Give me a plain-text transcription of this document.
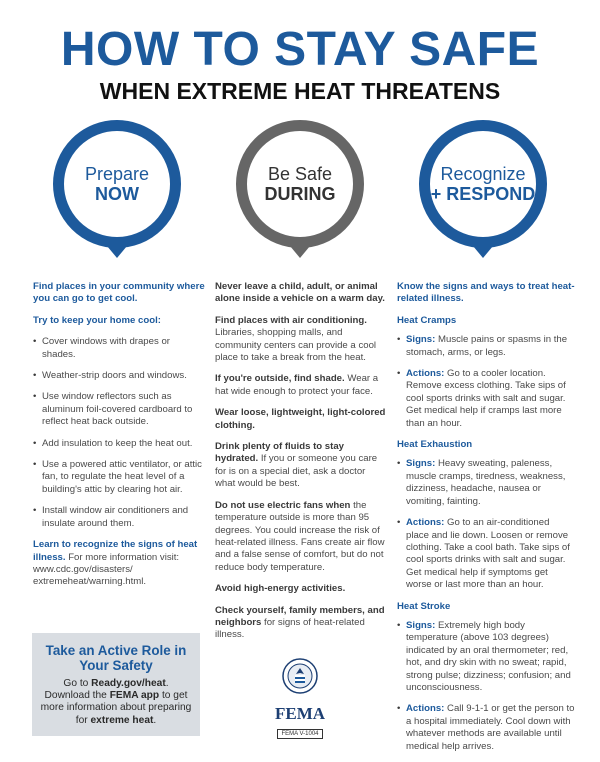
HOW TO STAY SAFE
WHEN EXTREME HEAT THREATENS
Prepare
NOW
Be Safe
DURING
Recognize
+ RESPOND

Find places in your community where you can go to get cool.

Try to keep your home cool:

• Cover windows with drapes or shades.
• Weather-strip doors and windows.
• Use window reflectors such as aluminum foil-covered cardboard to reflect heat back outside.
• Add insulation to keep the heat out.
• Use a powered attic ventilator, or attic fan, to regulate the heat level of a building's attic by clearing hot air.
• Install window air conditioners and insulate around them.

Learn to recognize the signs of heat illness. For more information visit: www.cdc.gov/disasters/ extremeheat/warning.html.

Never leave a child, adult, or animal alone inside a vehicle on a warm day.

Find places with air conditioning. Libraries, shopping malls, and community centers can provide a cool place to take a break from the heat.

If you're outside, find shade. Wear a hat wide enough to protect your face.

Wear loose, lightweight, light-colored clothing.

Drink plenty of fluids to stay hydrated. If you or someone you care for is on a special diet, ask a doctor what would be best.

Do not use electric fans when the temperature outside is more than 95 degrees. You could increase the risk of heat-related illness. Fans create air flow and a false sense of comfort, but do not reduce body temperature.

Avoid high-energy activities.

Check yourself, family members, and neighbors for signs of heat-related illness.

Know the signs and ways to treat heat-related illness.

Heat Cramps
• Signs: Muscle pains or spasms in the stomach, arms, or legs.
• Actions: Go to a cooler location. Remove excess clothing. Take sips of cool sports drinks with salt and sugar. Get medical help if cramps last more than an hour.
Heat Exhaustion
• Signs: Heavy sweating, paleness, muscle cramps, tiredness, weakness, dizziness, headache, nausea or vomiting, fainting.
• Actions: Go to an air-conditioned place and lie down. Loosen or remove clothing. Take a cool bath. Take sips of cool sports drinks with salt and sugar. Get medical help if symptoms get worse or last more than an hour.
Heat Stroke
• Signs: Extremely high body temperature (above 103 degrees) indicated by an oral thermometer; red, hot, and dry skin with no sweat; rapid, strong pulse; dizziness; confusion; and unconsciousness.
• Actions: Call 9-1-1 or get the person to a hospital immediately. Cool down with whatever methods are available until medical help arrives.
Take an Active Role in Your Safety
Go to Ready.gov/heat. Download the FEMA app to get more information about preparing for extreme heat.	FEMA
FEMA V-1004
